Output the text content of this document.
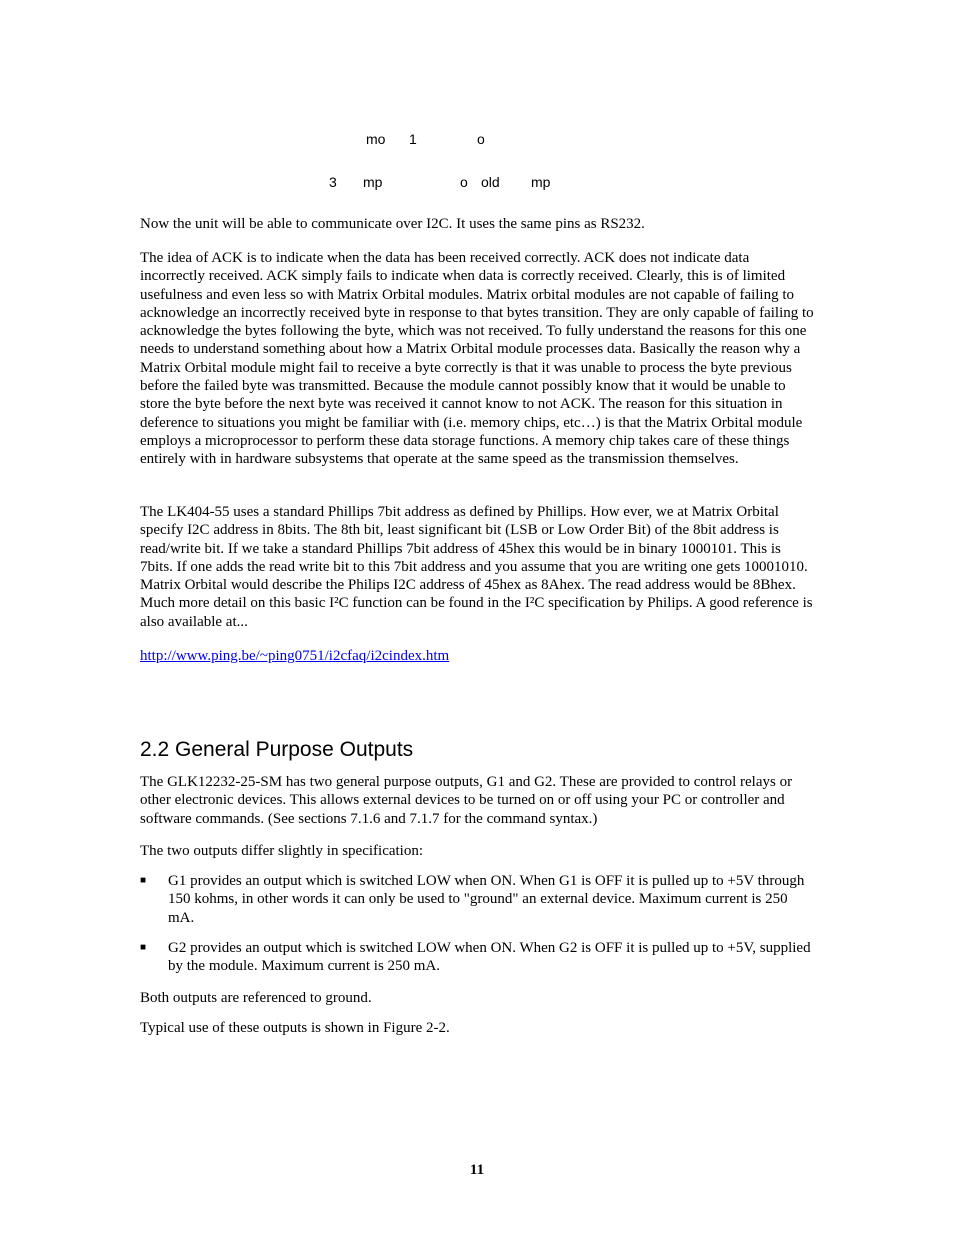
mo 1	o
3 mp	o old mp

Now the unit will be able to communicate over I2C. It uses the same pins as RS232.

The idea of ACK is to indicate when the data has been received correctly. ACK does not indicate data incorrectly received. ACK simply fails to indicate when data is correctly received. Clearly, this is of limited usefulness and even less so with Matrix Orbital modules. Matrix orbital modules are not capable of failing to acknowledge an incorrectly received byte in response to that bytes transition. They are only capable of failing to acknowledge the bytes following the byte, which was not received. To fully understand the reasons for this one needs to understand something about how a Matrix Orbital module processes data. Basically the reason why a Matrix Orbital module might fail to receive a byte correctly is that it was unable to process the byte previous before the failed byte was transmitted. Because the module cannot possibly know that it would be unable to store the byte before the next byte was received it cannot know to not ACK. The reason for this situation in deference to situations you might be familiar with (i.e. memory chips, etc…) is that the Matrix Orbital module employs a microprocessor to perform these data storage functions. A memory chip takes care of these things entirely with in hardware subsystems that operate at the same speed as the transmission themselves.

The LK404-55 uses a standard Phillips 7bit address as defined by Phillips. How ever, we at Matrix Orbital specify I2C address in 8bits. The 8th bit, least significant bit (LSB or Low Order Bit) of the 8bit address is read/write bit. If we take a standard Phillips 7bit address of 45hex this would be in binary 1000101. This is 7bits. If one adds the read write bit to this 7bit address and you assume that you are writing one gets 10001010. Matrix Orbital would describe the Philips I2C address of 45hex as 8Ahex. The read address would be 8Bhex. Much more detail on this basic I²C function can be found in the I²C specification by Philips. A good reference is also available at...

http://www.ping.be/~ping0751/i2cfaq/i2cindex.htm

2.2 General Purpose Outputs

The GLK12232-25-SM has two general purpose outputs, G1 and G2. These are provided to control relays or other electronic devices. This allows external devices to be turned on or off using your PC or controller and software commands. (See sections 7.1.6 and 7.1.7 for the command syntax.)

The two outputs differ slightly in specification:

■ G1 provides an output which is switched LOW when ON. When G1 is OFF it is pulled up to +5V through 150 kohms, in other words it can only be used to "ground" an external device. Maximum current is 250 mA.

■ G2 provides an output which is switched LOW when ON. When G2 is OFF it is pulled up to +5V, supplied by the module. Maximum current is 250 mA.

Both outputs are referenced to ground.

Typical use of these outputs is shown in Figure 2-2.

11
